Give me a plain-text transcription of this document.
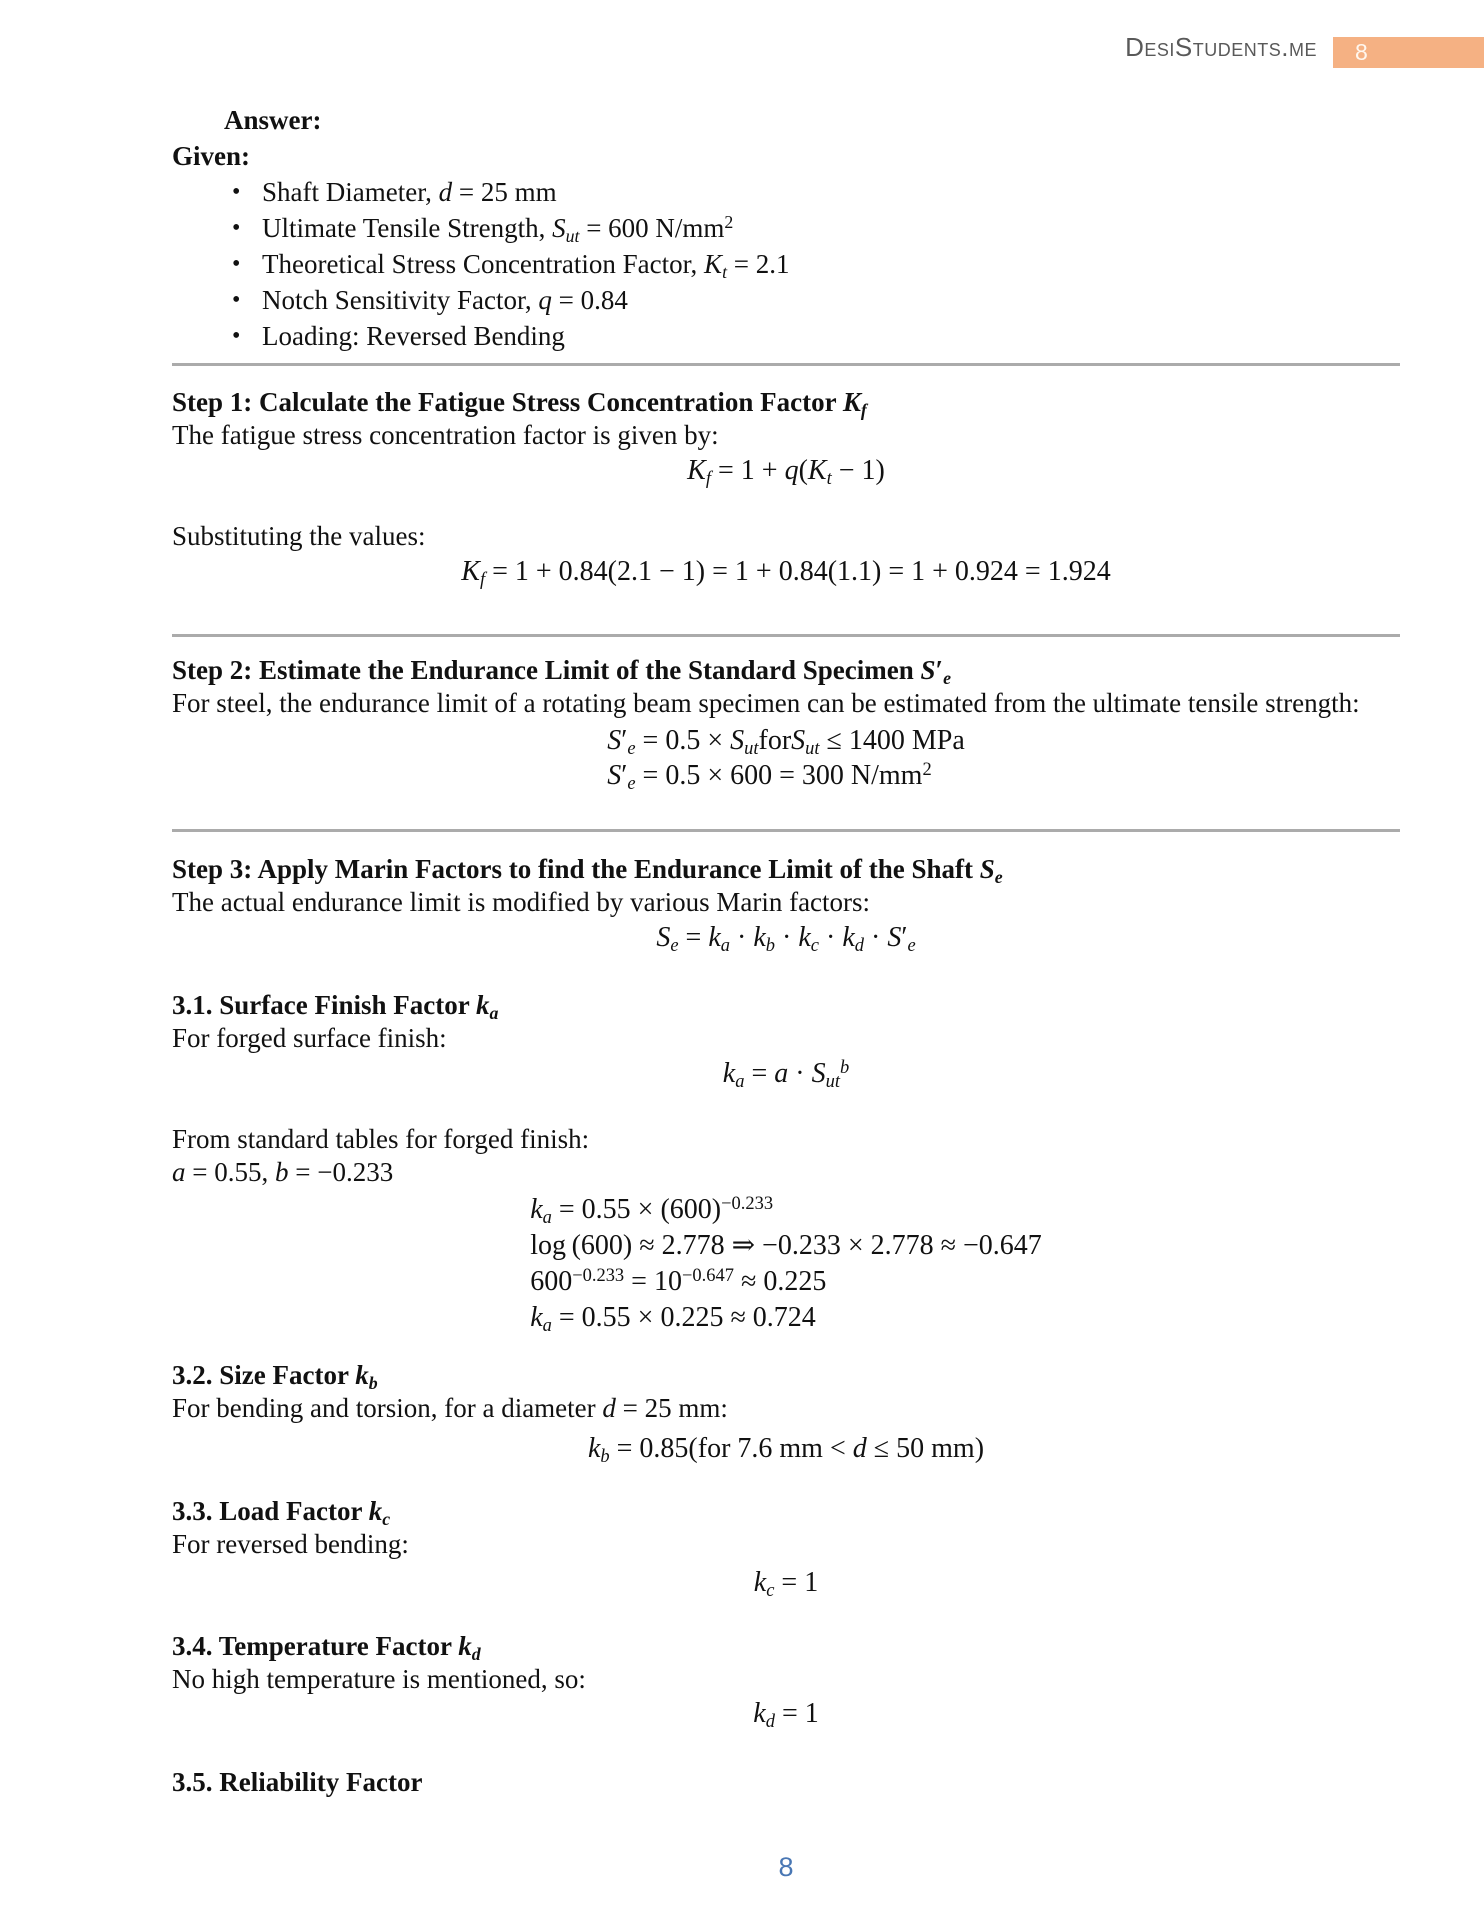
DesiStudents.me	8

Answer:

Given:

• Shaft Diameter, d = 25 mm
• Ultimate Tensile Strength, $S_{ut} = 600$ $N/mm^2$
• Theoretical Stress Concentration Factor, $K_t = 2.1$
• Notch Sensitivity Factor, q = 0.84
• Loading: Reversed Bending
Step 1: Calculate the Fatigue Stress Concentration Factor $K_f$

The fatigue stress concentration factor is given by:

$K_f = 1 + q(K_t - 1)$

Substituting the values:

$K_f = 1 + 0.84(2.1 - 1) = 1 + 0.84(1.1) = 1 + 0.924 = 1.924$
Step 2: Estimate the Endurance Limit of the Standard Specimen $S'_e$

For steel, the endurance limit of a rotating beam specimen can be estimated from the ultimate tensile strength:

$S'_e = 0.5$ × $S_{ut}forS_{ut} \le 1400$ MPa
$S'_e = 0.5 \times 600 = 300$ $N/mm^2$
Step 3: Apply Marin Factors to find the Endurance Limit of the Shaft $S_e$

The actual endurance limit is modified by various Marin factors:

$S_e = k_a \cdot k_b \cdot k_c \cdot k_d \cdot S'_e$
3.1. Surface Finish Factor $k_a$

For forged surface finish:

$k_a = a \cdot S_{ut}^b$

From standard tables for forged finish:

a = 0.55, b = −0.233

$k_a = 0.55 \times (600)^{-0.233}$
log (600) ≈ 2.778 ⇒ −0.233 × 2.778 ≈ −0.647
$600^{-0.233} = 10^{-0.647} \approx 0.225$
$k_a = 0.55 \times 0.225 \approx 0.724$
3.2. Size Factor $k_b$

For bending and torsion, for a diameter d = 25 mm:

$k_b = 0.85(for$ 7.6 mm < d ≤ 50 mm)
3.3. Load Factor $k_c$

For reversed bending:

$k_c = 1$
3.4. Temperature Factor $k_d$

No high temperature is mentioned, so:

$k_d = 1$
3.5. Reliability Factor
8
